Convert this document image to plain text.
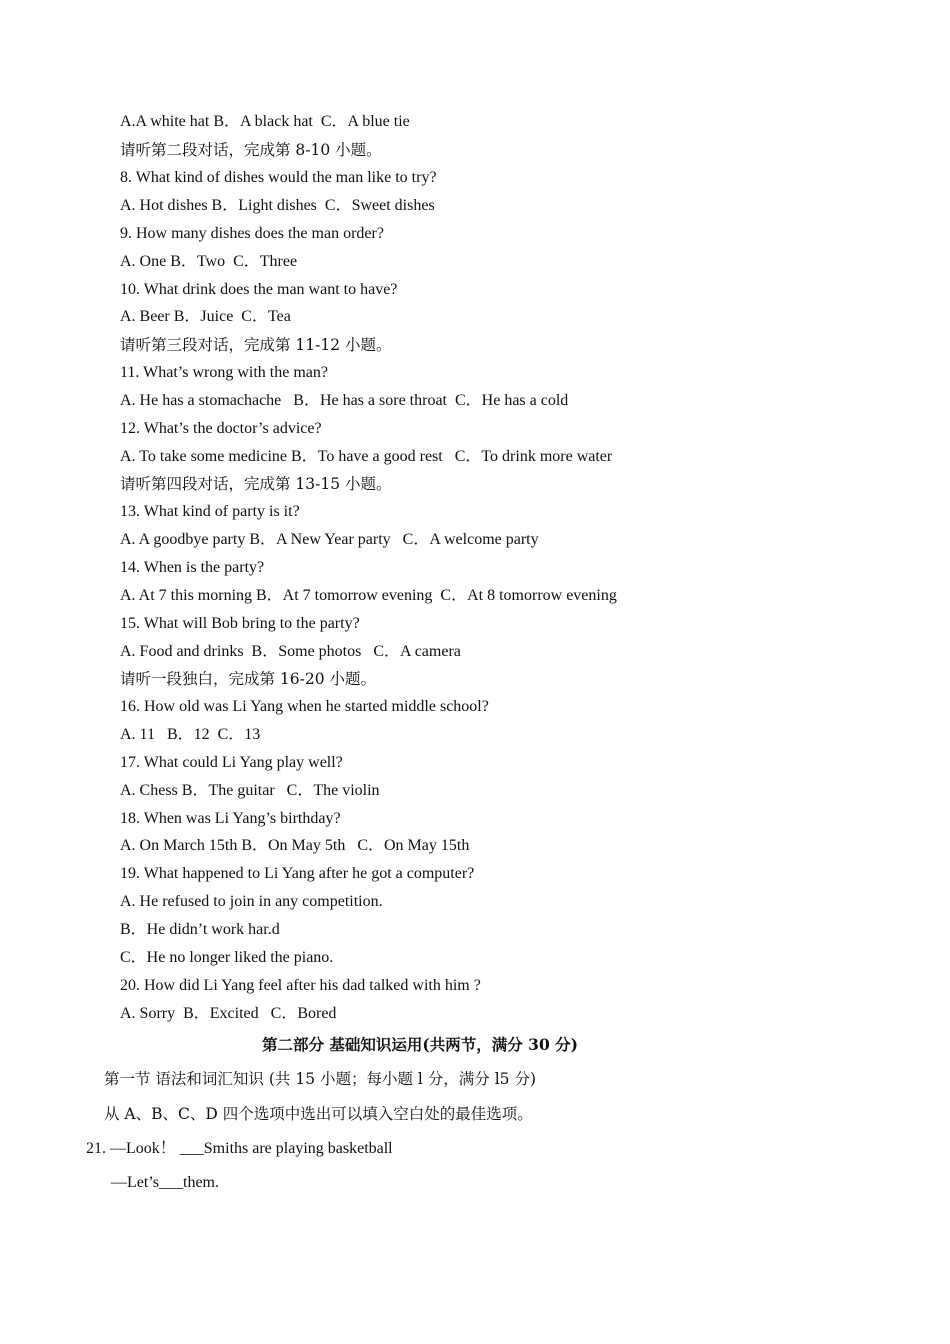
A.A white hat B．A black hat  C．A blue tie
请听第二段对话，完成第 8-10 小题。
8. What kind of dishes would the man like to try?
A. Hot dishes B．Light dishes  C．Sweet dishes
9. How many dishes does the man order?
A. One B．Two  C．Three
10. What drink does the man want to have?
A. Beer B．Juice  C．Tea
请听第三段对话，完成第 11-12 小题。
11. What’s wrong with the man?
A. He has a stomachache   B．He has a sore throat  C．He has a cold
12. What’s the doctor’s advice?
A. To take some medicine B．To have a good rest   C．To drink more water
请听第四段对话，完成第 13-15 小题。
13. What kind of party is it?
A. A goodbye party B．A New Year party   C．A welcome party
14. When is the party?
A. At 7 this morning B．At 7 tomorrow evening  C．At 8 tomorrow evening
15. What will Bob bring to the party?
A. Food and drinks  B．Some photos   C．A camera
请听一段独白，完成第 16-20 小题。
16. How old was Li Yang when he started middle school?
A. 11   B．12  C．13
17. What could Li Yang play well?
A. Chess B．The guitar   C．The violin
18. When was Li Yang’s birthday?
A. On March 15th B．On May 5th   C．On May 15th
19. What happened to Li Yang after he got a computer?
A. He refused to join in any competition.
B．He didn’t work har.d
C．He no longer liked the piano.
20. How did Li Yang feel after his dad talked with him ?
A. Sorry  B．Excited   C．Bored
第二部分 基础知识运用(共两节，满分 30 分)
第一节 语法和词汇知识 (共 15 小题；每小题 l 分，满分 l5 分)
从 A、B、C、D 四个选项中选出可以填入空白处的最佳选项。
21. —Look！ ___Smiths are playing basketball
—Let’s___them.
